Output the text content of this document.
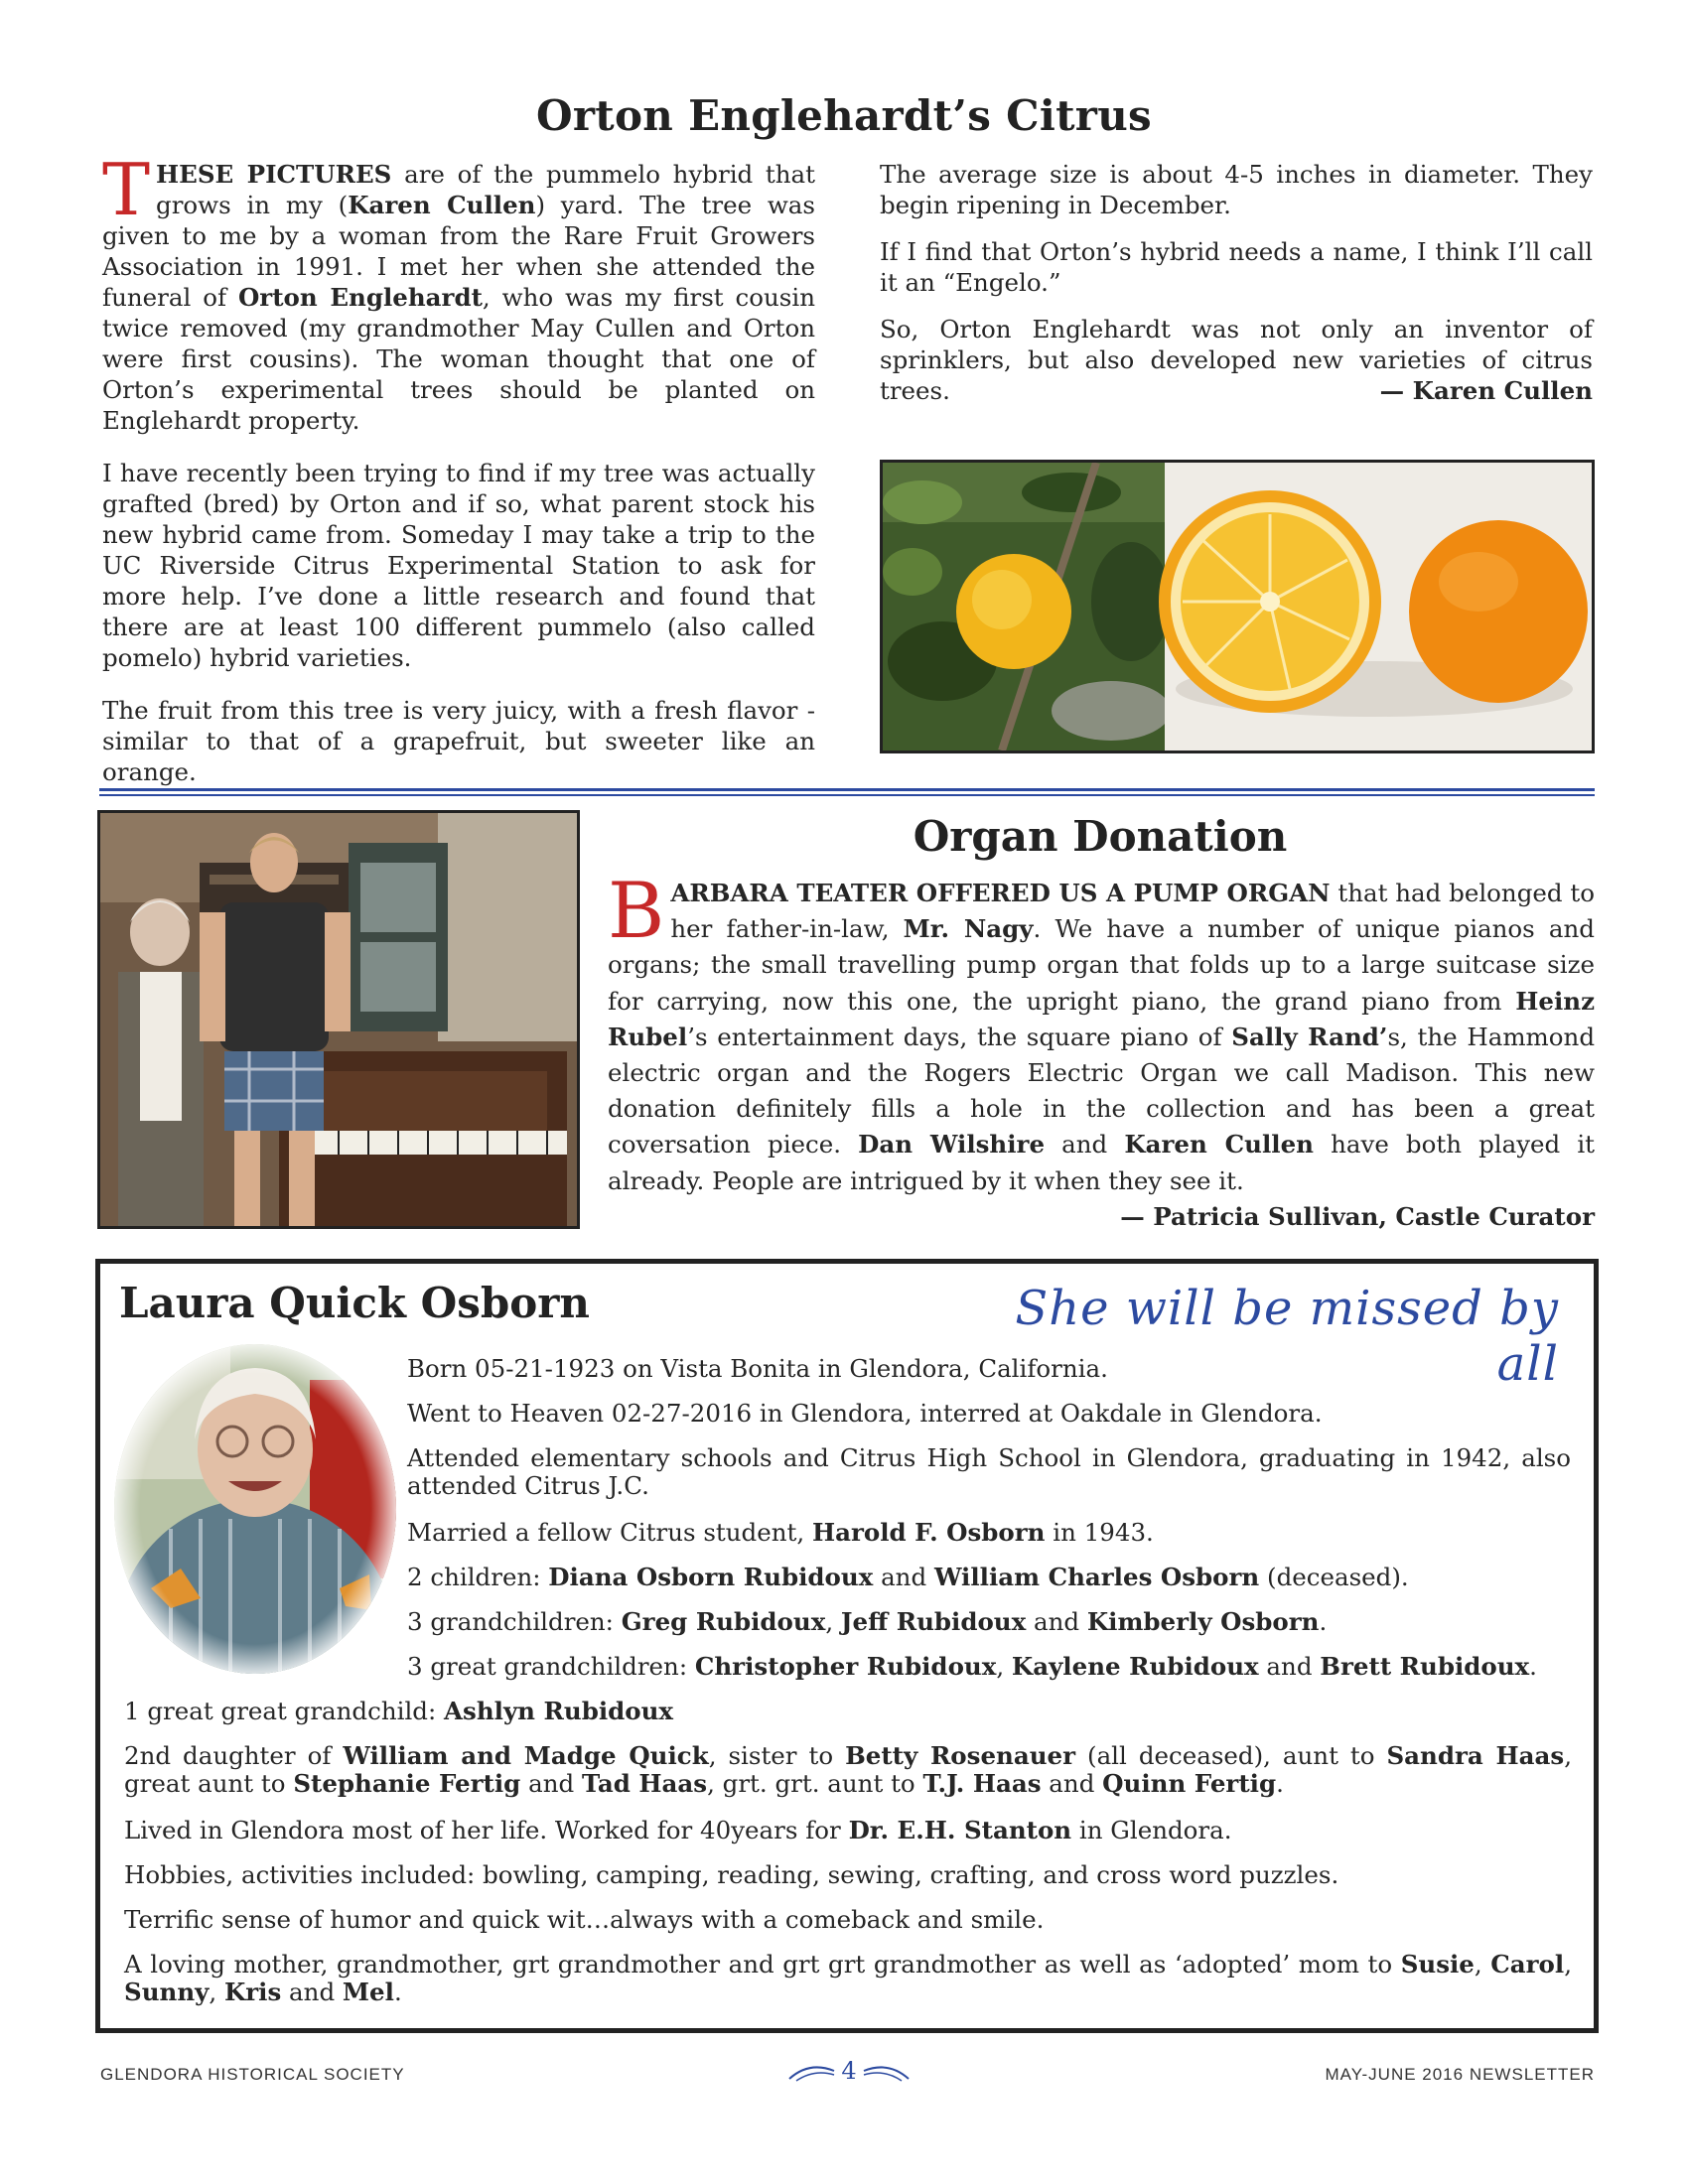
Orton Englehardt’s Citrus

THESE PICTURES are of the pummelo hybrid that grows in my (Karen Cullen) yard. The tree was given to me by a woman from the Rare Fruit Growers Association in 1991. I met her when she attended the funeral of Orton Englehardt, who was my first cousin twice removed (my grandmother May Cullen and Orton were first cousins). The woman thought that one of Orton’s experimental trees should be planted on Englehardt property.

I have recently been trying to find if my tree was actually grafted (bred) by Orton and if so, what parent stock his new hybrid came from. Someday I may take a trip to the UC Riverside Citrus Experimental Station to ask for more help. I’ve done a little research and found that there are at least 100 different pummelo (also called pomelo) hybrid varieties.

The fruit from this tree is very juicy, with a fresh flavor - similar to that of a grapefruit, but sweeter like an orange.

The average size is about 4-5 inches in diameter. They begin ripening in December.

If I find that Orton’s hybrid needs a name, I think I’ll call it an “Engelo.”

So, Orton Englehardt was not only an inventor of sprinklers, but also developed new varieties of citrus trees.	— Karen Cullen

Organ Donation

BARBARA TEATER OFFERED US A PUMP ORGAN that had belonged to her father-in-law, Mr. Nagy. We have a number of unique pianos and organs; the small travelling pump organ that folds up to a large suitcase size for carrying, now this one, the upright piano, the grand piano from Heinz Rubel’s entertainment days, the square piano of Sally Rand’s, the Hammond electric organ and the Rogers Electric Organ we call Madison. This new donation definitely fills a hole in the collection and has been a great coversation piece. Dan Wilshire and Karen Cullen have both played it already. People are intrigued by it when they see it.

— Patricia Sullivan, Castle Curator

Laura Quick Osborn	She will be missed by all
Born 05-21-1923 on Vista Bonita in Glendora, California.
Went to Heaven 02-27-2016 in Glendora, interred at Oakdale in Glendora.
Attended elementary schools and Citrus High School in Glendora, graduating in 1942, also attended Citrus J.C.
Married a fellow Citrus student, Harold F. Osborn in 1943.
2 children: Diana Osborn Rubidoux and William Charles Osborn (deceased).
3 grandchildren: Greg Rubidoux, Jeff Rubidoux and Kimberly Osborn.
3 great grandchildren: Christopher Rubidoux, Kaylene Rubidoux and Brett Rubidoux.
1 great great grandchild: Ashlyn Rubidoux
2nd daughter of William and Madge Quick, sister to Betty Rosenauer (all deceased), aunt to Sandra Haas, great aunt to Stephanie Fertig and Tad Haas, grt. grt. aunt to T.J. Haas and Quinn Fertig.
Lived in Glendora most of her life. Worked for 40years for Dr. E.H. Stanton in Glendora.
Hobbies, activities included: bowling, camping, reading, sewing, crafting, and cross word puzzles.
Terrific sense of humor and quick wit…always with a comeback and smile.
A loving mother, grandmother, grt grandmother and grt grt grandmother as well as ‘adopted’ mom to Susie, Carol, Sunny, Kris and Mel.
GLENDORA HISTORICAL SOCIETY	4	MAY-JUNE 2016 NEWSLETTER
